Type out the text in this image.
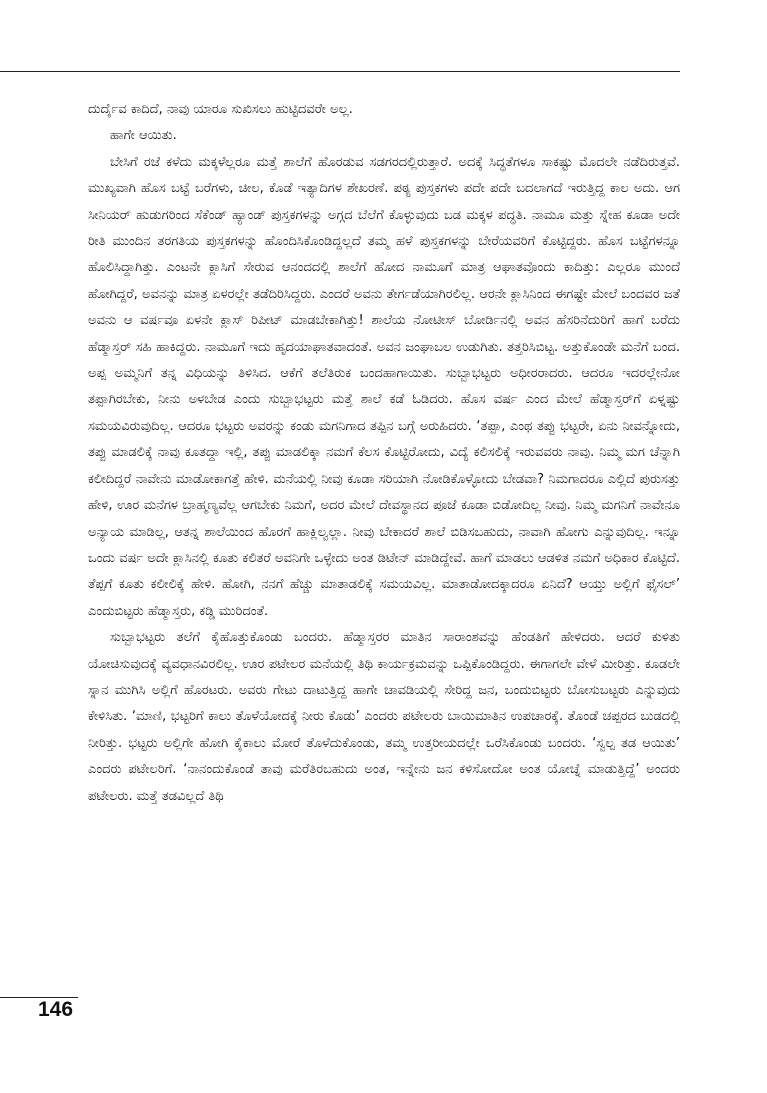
ದುರ್ದೈವ ಕಾದಿದೆ, ನಾವು ಯಾರೂ ಸುಖಿಸಲು ಹುಟ್ಟಿದವರೇ ಅಲ್ಲ.

ಹಾಗೇ ಆಯಿತು.

ಬೇಸಿಗೆ ರಜೆ ಕಳೆದು ಮಕ್ಕಳೆಲ್ಲರೂ ಮತ್ತೆ ಶಾಲೆಗೆ ಹೊರಡುವ ಸಡಗರದಲ್ಲಿರುತ್ತಾರೆ. ಅದಕ್ಕೆ ಸಿದ್ಧತೆಗಳೂ ಸಾಕಷ್ಟು ಮೊದಲೇ ನಡೆದಿರುತ್ತವೆ. ಮುಖ್ಯವಾಗಿ ಹೊಸ ಬಟ್ಟೆ ಬರೆಗಳು, ಚೀಲ, ಕೊಡೆ ಇತ್ಯಾದಿಗಳ ಶೇಖರಣೆ. ಪಠ್ಯ ಪುಸ್ತಕಗಳು ಪದೇ ಪದೇ ಬದಲಾಗದೆ ಇರುತ್ತಿದ್ದ ಕಾಲ ಅದು. ಆಗ ಸೀನಿಯರ್ ಹುಡುಗರಿಂದ ಸೆಕೆಂಡ್ ಹ್ಯಾಂಡ್ ಪುಸ್ತಕಗಳನ್ನು ಅಗ್ಗದ ಬೆಲೆಗೆ ಕೊಳ್ಳುವುದು ಬಡ ಮಕ್ಕಳ ಪದ್ಧತಿ. ನಾಮೂ ಮತ್ತು ಸ್ನೇಹ ಕೂಡಾ ಅದೇ ರೀತಿ ಮುಂದಿನ ತರಗತಿಯ ಪುಸ್ತಕಗಳನ್ನು ಹೊಂದಿಸಿಕೊಂಡಿದ್ದಲ್ಲದೆ ತಮ್ಮ ಹಳೆ ಪುಸ್ತಕಗಳನ್ನು ಬೇರೆಯವರಿಗೆ ಕೊಟ್ಟಿದ್ದರು. ಹೊಸ ಬಟ್ಟೆಗಳನ್ನೂ ಹೊಲಿಸಿದ್ದಾಗಿತ್ತು. ಎಂಟನೇ ಕ್ಲಾಸಿಗೆ ಸೇರುವ ಆನಂದದಲ್ಲಿ ಶಾಲೆಗೆ ಹೋದ ನಾಮೂಗೆ ಮಾತ್ರ ಆಘಾತವೊಂದು ಕಾದಿತ್ತು: ಎಲ್ಲರೂ ಮುಂದೆ ಹೋಗಿದ್ದರೆ, ಅವನನ್ನು ಮಾತ್ರ ಏಳರಲ್ಲೇ ತಡೆದಿರಿಸಿದ್ದರು. ಎಂದರೆ ಅವನು ತೇರ್ಗಡೆಯಾಗಿರಲಿಲ್ಲ. ಆರನೇ ಕ್ಲಾಸಿನಿಂದ ಈಗಷ್ಟೇ ಮೇಲೆ ಬಂದವರ ಜತೆ ಅವನು ಆ ವರ್ಷವೂ ಏಳನೇ ಕ್ಲಾಸ್ ರಿಪೀಟ್ ಮಾಡಬೇಕಾಗಿತ್ತು! ಶಾಲೆಯ ನೋಟೀಸ್ ಬೋರ್ಡಿನಲ್ಲಿ ಅವನ ಹೆಸರಿನೆದುರಿಗೆ ಹಾಗೆ ಬರೆದು ಹೆಡ್ಮಾಸ್ತರ್ ಸಹಿ ಹಾಕಿದ್ದರು. ನಾಮೂಗೆ ಇದು ಹೃದಯಾಘಾತವಾದಂತೆ. ಅವನ ಜಂಘಾಬಲ ಉಡುಗಿತು. ತತ್ತರಿಸಿಬಿಟ್ಟ. ಅತ್ತುಕೊಂಡೇ ಮನೆಗೆ ಬಂದ. ಅಪ್ಪ ಅಮ್ಮನಿಗೆ ತನ್ನ ವಿಧಿಯನ್ನು ತಿಳಿಸಿದ. ಆಕೆಗೆ ತಲೆತಿರುಕ ಬಂದಹಾಗಾಯಿತು. ಸುಬ್ಬಾಭಟ್ಟರು ಅಧೀರರಾದರು. ಆದರೂ ಇದರಲ್ಲೇನೋ ತಪ್ಪಾಗಿರಬೇಕು, ನೀನು ಅಳಬೇಡ ಎಂದು ಸುಬ್ಬಾಭಟ್ಟರು ಮತ್ತೆ ಶಾಲೆ ಕಡೆ ಓಡಿದರು. ಹೊಸ ವರ್ಷ ಎಂದ ಮೇಲೆ ಹೆಡ್ಮಾಸ್ತರ್‌ಗೆ ಏಳ್ನಷ್ಟು ಸಮಯವಿರುವುದಿಲ್ಲ. ಆದರೂ ಭಟ್ಟರು ಅವರನ್ನು ಕಂಡು ಮಗನಿಗಾದ ತಪ್ಪಿನ ಬಗ್ಗೆ ಅರುಹಿದರು. ‘ತಪ್ಪಾ, ಎಂಥ ತಪ್ಪು ಭಟ್ಟರೇ, ಏನು ನೀವನ್ನೋದು, ತಪ್ಪು ಮಾಡಲಿಕ್ಕೆ ನಾವು ಕೂತದ್ದಾ ಇಲ್ಲಿ, ತಪ್ಪು ಮಾಡಲಿಕ್ಕಾ ನಮಗೆ ಕೆಲಸ ಕೊಟ್ಟಿರೋದು, ವಿದ್ಯೆ ಕಲಿಸಲಿಕ್ಕೆ ಇರುವವರು ನಾವು. ನಿಮ್ಮ ಮಗ ಚೆನ್ನಾಗಿ ಕಲೀದಿದ್ದರೆ ನಾವೇನು ಮಾಡೋಕಾಗತ್ತೆ ಹೇಳಿ. ಮನೆಯಲ್ಲಿ ನೀವು ಕೂಡಾ ಸರಿಯಾಗಿ ನೋಡಿಕೊಳ್ಳೋದು ಬೇಡವಾ? ನಿಮಗಾದರೂ ಎಲ್ಲಿದೆ ಪುರುಸತ್ತು ಹೇಳಿ, ಊರ ಮನೆಗಳ ಬ್ರಾಹ್ಮಣ್ಯವೆಲ್ಲ ಆಗಬೇಕು ನಿಮಗೆ, ಅದರ ಮೇಲೆ ದೇವಸ್ಥಾನದ ಪೂಜೆ ಕೂಡಾ ಬಿಡೋದಿಲ್ಲ ನೀವು. ನಿಮ್ಮ ಮಗನಿಗೆ ನಾವೇನೂ ಅನ್ಯಾಯ ಮಾಡಿಲ್ಲ, ಆತನ್ನ ಶಾಲೆಯಿಂದ ಹೊರಗೆ ಹಾಕ್ಲಿಲ್ವಲ್ಲಾ. ನೀವು ಬೇಕಾದರೆ ಶಾಲೆ ಬಿಡಿಸಬಹುದು, ನಾವಾಗಿ ಹೋಗು ಎನ್ನುವುದಿಲ್ಲ. ಇನ್ನೂ ಒಂದು ವರ್ಷ ಅದೇ ಕ್ಲಾಸಿನಲ್ಲಿ ಕೂತು ಕಲಿತರೆ ಅವನಿಗೇ ಒಳ್ಳೇದು ಅಂತ ಡಿಟೇನ್ ಮಾಡಿದ್ದೇವೆ. ಹಾಗೆ ಮಾಡಲು ಆಡಳಿತ ನಮಗೆ ಅಧಿಕಾರ ಕೊಟ್ಟಿದೆ. ತೆಪ್ಪಗೆ ಕೂತು ಕಲೀಲಿಕ್ಕೆ ಹೇಳಿ. ಹೋಗಿ, ನನಗೆ ಹೆಚ್ಚು ಮಾತಾಡಲಿಕ್ಕೆ ಸಮಯವಿಲ್ಲ. ಮಾತಾಡೋದಕ್ಕಾದರೂ ಏನಿದೆ? ಆಯ್ತು ಅಲ್ಲಿಗೆ ಫೈಸಲ್’ ಎಂದುಬಿಟ್ಟರು ಹೆಡ್ಮಾಸ್ತರು, ಕಡ್ಡಿ ಮುರಿದಂತೆ.

ಸುಬ್ಬಾಭಟ್ಟರು ತಲೆಗೆ ಕೈಹೊತ್ತುಕೊಂಡು ಬಂದರು. ಹೆಡ್ಮಾಸ್ತರರ ಮಾತಿನ ಸಾರಾಂಶವನ್ನು ಹೆಂಡತಿಗೆ ಹೇಳಿದರು. ಆದರೆ ಕುಳಿತು ಯೋಚಿಸುವುದಕ್ಕೆ ವ್ಯವಧಾನವಿರಲಿಲ್ಲ. ಊರ ಪಟೇಲರ ಮನೆಯಲ್ಲಿ ತಿಥಿ ಕಾರ್ಯಕ್ರಮವನ್ನು ಒಪ್ಪಿಕೊಂಡಿದ್ದರು. ಈಗಾಗಲೇ ವೇಳೆ ಮೀರಿತ್ತು. ಕೂಡಲೇ ಸ್ನಾನ ಮುಗಿಸಿ ಅಲ್ಲಿಗೆ ಹೊರಟರು. ಅವರು ಗೇಟು ದಾಟುತ್ತಿದ್ದ ಹಾಗೇ ಚಾವಡಿಯಲ್ಲಿ ಸೇರಿದ್ದ ಜನ, ಬಂದುಬಿಟ್ಟರು ಬೋಸುಬಟ್ಟರು ಎನ್ನುವುದು ಕೇಳಿಸಿತು. ‘ಮಾಣಿ, ಭಟ್ಟರಿಗೆ ಕಾಲು ತೊಳೆಯೋದಕ್ಕೆ ನೀರು ಕೊಡು’ ಎಂದರು ಪಟೇಲರು ಬಾಯಿಮಾತಿನ ಉಪಚಾರಕ್ಕೆ. ತೊಂಡೆ ಚಪ್ಪರದ ಬುಡದಲ್ಲಿ ನೀರಿತ್ತು. ಭಟ್ಟರು ಅಲ್ಲಿಗೇ ಹೋಗಿ ಕೈಕಾಲು ಮೋರೆ ತೊಳೆದುಕೊಂಡು, ತಮ್ಮ ಉತ್ತರೀಯದಲ್ಲೇ ಒರೆಸಿಕೊಂಡು ಬಂದರು. ‘ಸ್ವಲ್ಪ ತಡ ಆಯಿತು’ ಎಂದರು ಪಟೇಲರಿಗೆ. ‘ನಾನಂದುಕೊಂಡೆ ತಾವು ಮರೆತಿರಬಹುದು ಅಂತ, ಇನ್ನೇನು ಜನ ಕಳಿಸೋದೋ ಅಂತ ಯೋಚ್ನೆ ಮಾಡುತ್ತಿದ್ದೆ’ ಅಂದರು ಪಟೇಲರು. ಮತ್ತೆ ತಡವಿಲ್ಲದೆ ತಿಥಿ

146
